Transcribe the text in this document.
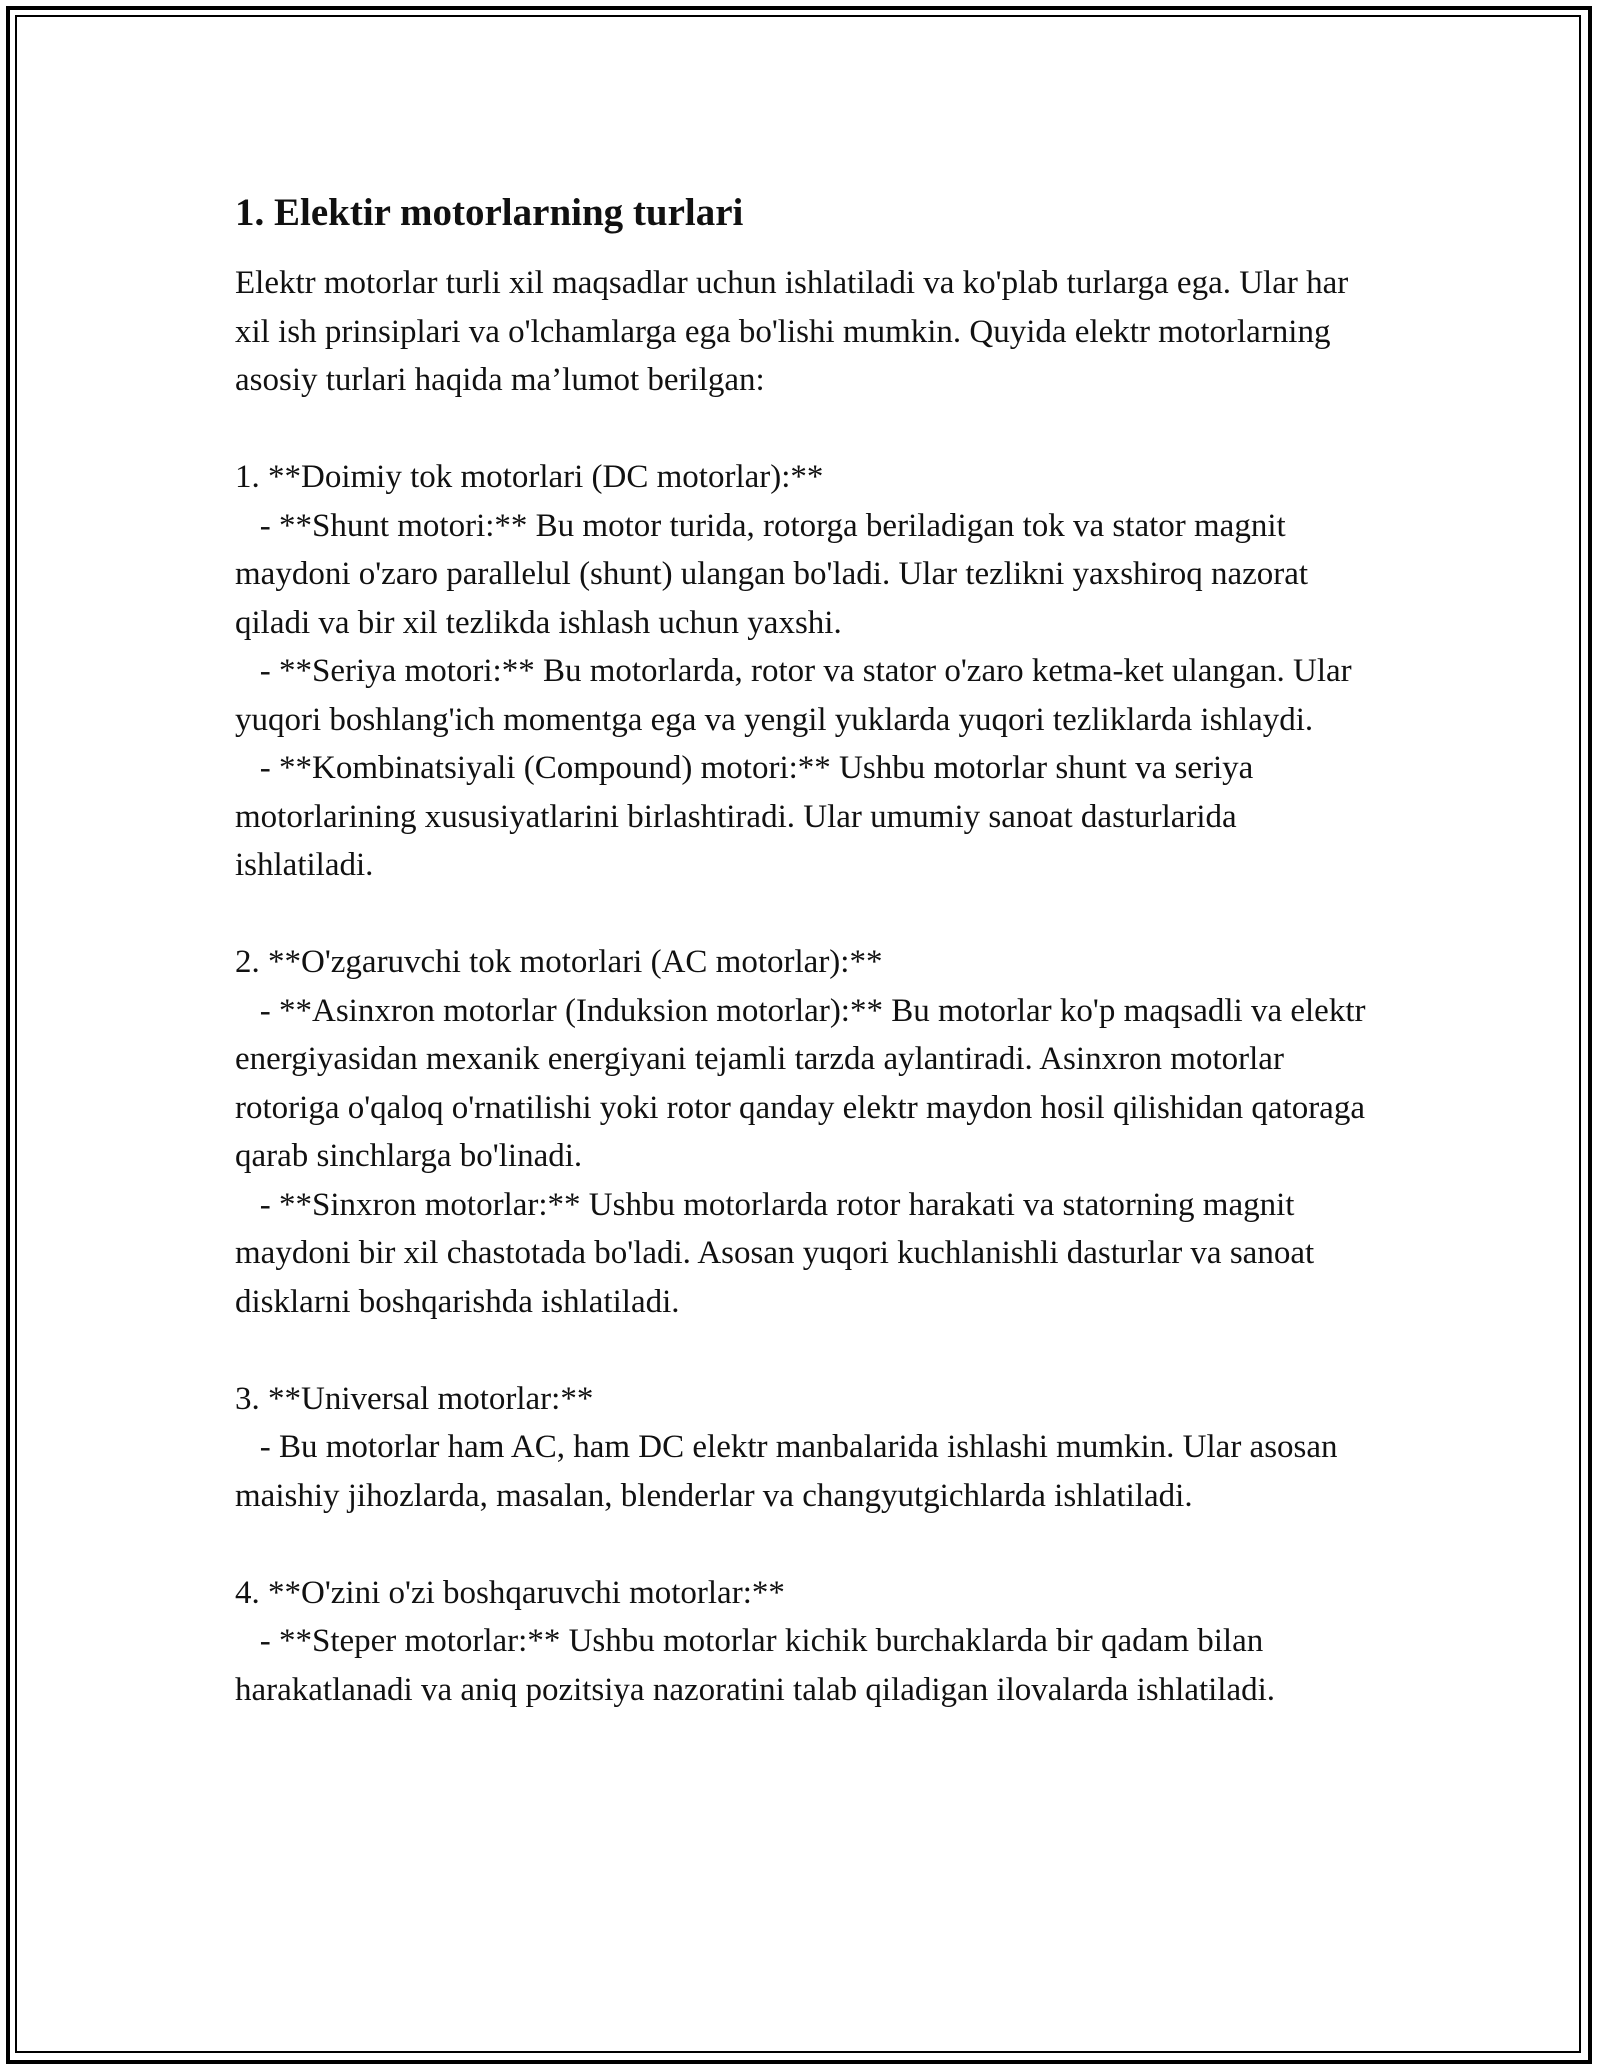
1. Elektir motorlarning turlari

Elektr motorlar turli xil maqsadlar uchun ishlatiladi va ko'plab turlarga ega. Ular har xil ish prinsiplari va o'lchamlarga ega bo'lishi mumkin. Quyida elektr motorlarning asosiy turlari haqida ma’lumot berilgan:

1. **Doimiy tok motorlari (DC motorlar):**

- **Shunt motori:** Bu motor turida, rotorga beriladigan tok va stator magnit maydoni o'zaro parallelul (shunt) ulangan bo'ladi. Ular tezlikni yaxshiroq nazorat qiladi va bir xil tezlikda ishlash uchun yaxshi.

- **Seriya motori:** Bu motorlarda, rotor va stator o'zaro ketma-ket ulangan. Ular yuqori boshlang'ich momentga ega va yengil yuklarda yuqori tezliklarda ishlaydi.

- **Kombinatsiyali (Compound) motori:** Ushbu motorlar shunt va seriya motorlarining xususiyatlarini birlashtiradi. Ular umumiy sanoat dasturlarida ishlatiladi.

2. **O'zgaruvchi tok motorlari (AC motorlar):**

- **Asinxron motorlar (Induksion motorlar):** Bu motorlar ko'p maqsadli va elektr energiyasidan mexanik energiyani tejamli tarzda aylantiradi. Asinxron motorlar rotoriga o'qaloq o'rnatilishi yoki rotor qanday elektr maydon hosil qilishidan qatoraga qarab sinchlarga bo'linadi.

- **Sinxron motorlar:** Ushbu motorlarda rotor harakati va statorning magnit maydoni bir xil chastotada bo'ladi. Asosan yuqori kuchlanishli dasturlar va sanoat disklarni boshqarishda ishlatiladi.

3. **Universal motorlar:**

- Bu motorlar ham AC, ham DC elektr manbalarida ishlashi mumkin. Ular asosan maishiy jihozlarda, masalan, blenderlar va changyutgichlarda ishlatiladi.

4. **O'zini o'zi boshqaruvchi motorlar:**

- **Steper motorlar:** Ushbu motorlar kichik burchaklarda bir qadam bilan harakatlanadi va aniq pozitsiya nazoratini talab qiladigan ilovalarda ishlatiladi.
